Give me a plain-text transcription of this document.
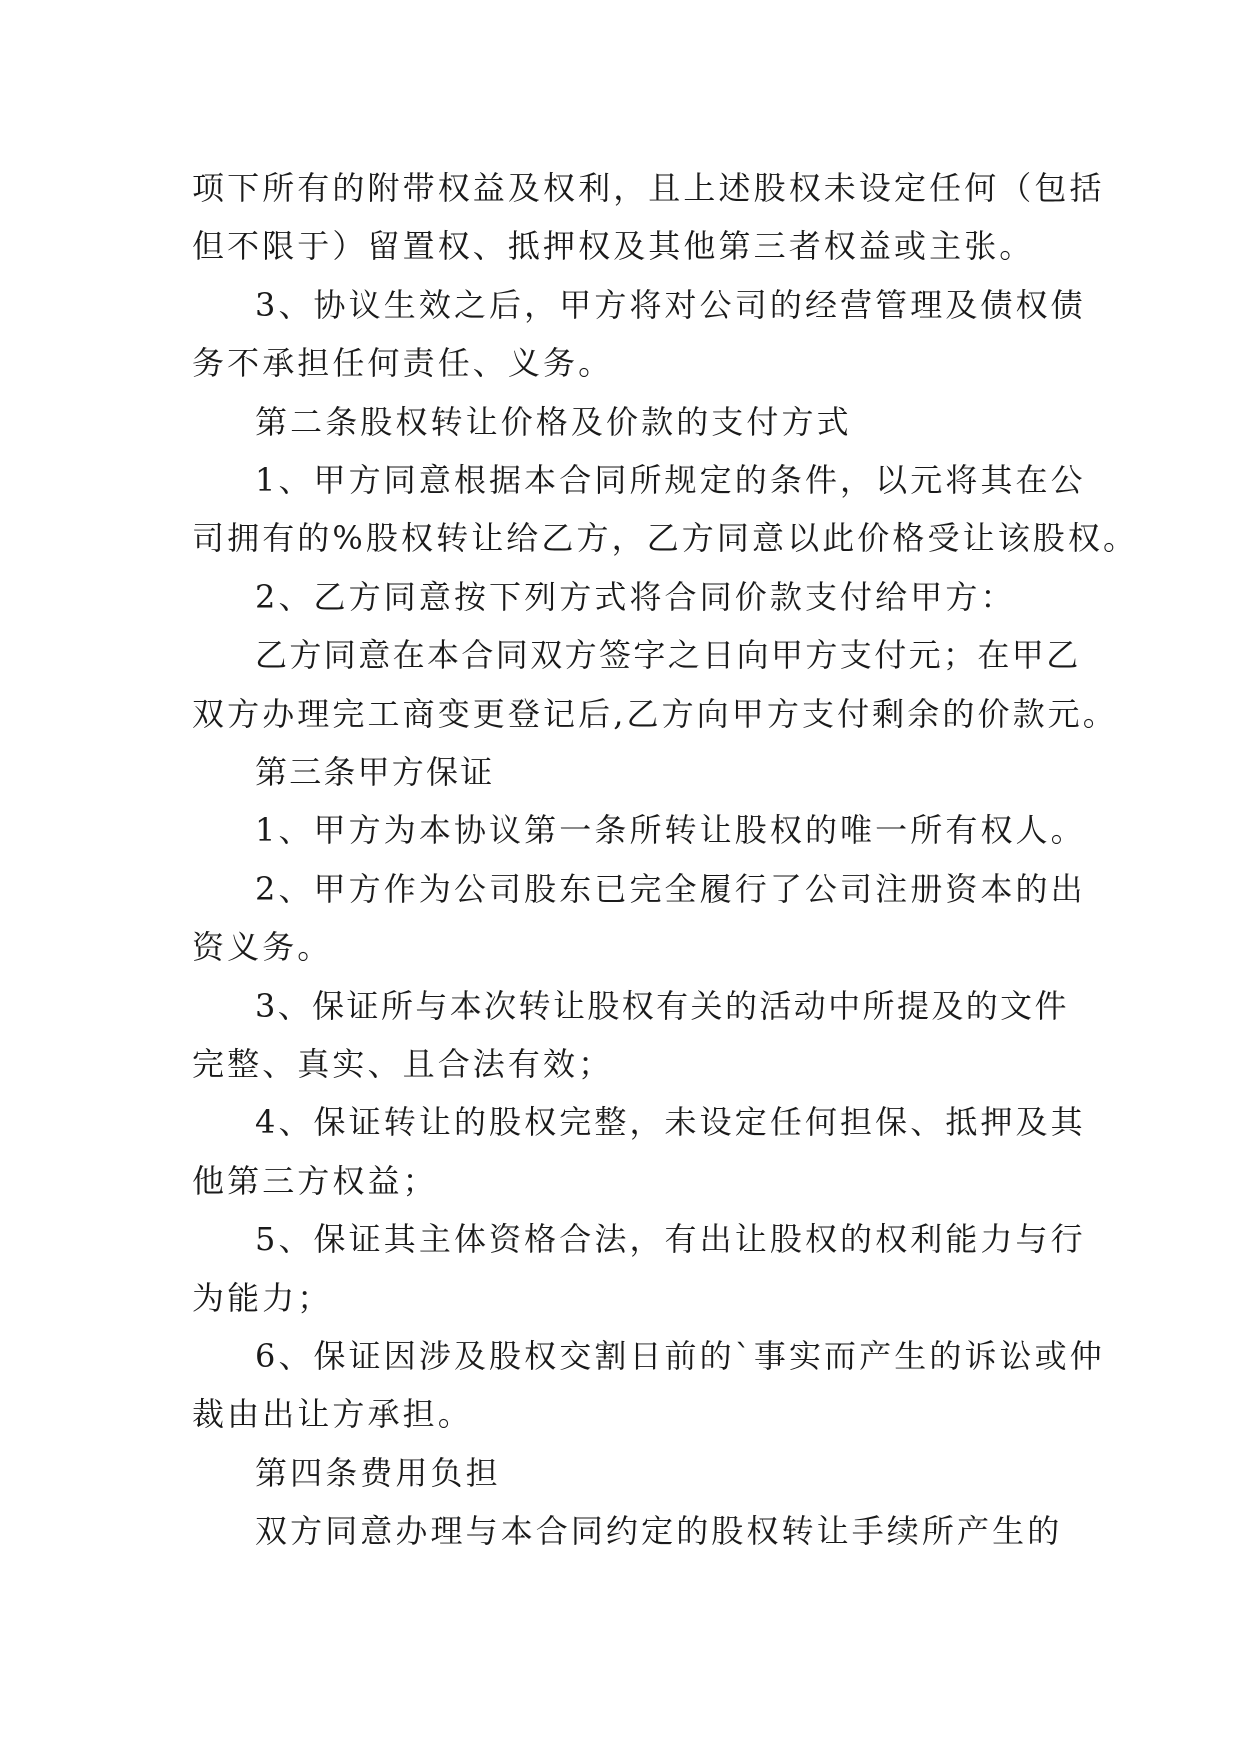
项下所有的附带权益及权利，且上述股权未设定任何（包括
但不限于）留置权、抵押权及其他第三者权益或主张。
3、协议生效之后，甲方将对公司的经营管理及债权债
务不承担任何责任、义务。
第二条股权转让价格及价款的支付方式
1、甲方同意根据本合同所规定的条件，以元将其在公
司拥有的%股权转让给乙方，乙方同意以此价格受让该股权。
2、乙方同意按下列方式将合同价款支付给甲方：
乙方同意在本合同双方签字之日向甲方支付元；在甲乙
双方办理完工商变更登记后,乙方向甲方支付剩余的价款元。
第三条甲方保证
1、甲方为本协议第一条所转让股权的唯一所有权人。
2、甲方作为公司股东已完全履行了公司注册资本的出
资义务。
3、保证所与本次转让股权有关的活动中所提及的文件
完整、真实、且合法有效；
4、保证转让的股权完整，未设定任何担保、抵押及其
他第三方权益；
5、保证其主体资格合法，有出让股权的权利能力与行
为能力；
6、保证因涉及股权交割日前的`事实而产生的诉讼或仲
裁由出让方承担。
第四条费用负担
双方同意办理与本合同约定的股权转让手续所产生的
